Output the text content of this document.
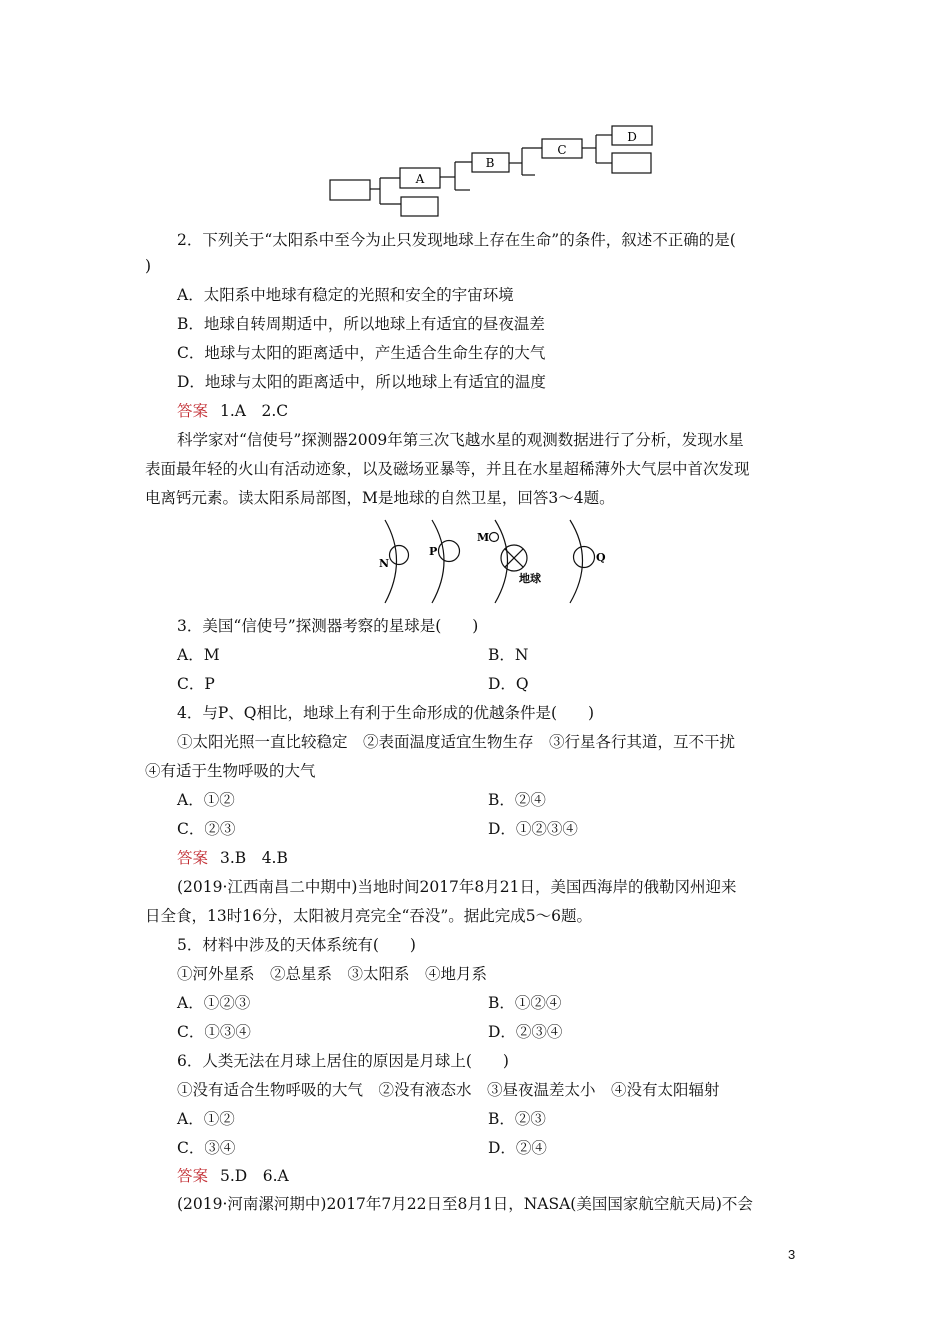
A
B
C
D
2．下列关于“太阳系中至今为止只发现地球上存在生命”的条件，叙述不正确的是(
)
A．太阳系中地球有稳定的光照和安全的宇宙环境
B．地球自转周期适中，所以地球上有适宜的昼夜温差
C．地球与太阳的距离适中，产生适合生命生存的大气
D．地球与太阳的距离适中，所以地球上有适宜的温度
答案 1.A　2.C
科学家对“信使号”探测器2009年第三次飞越水星的观测数据进行了分析，发现水星
表面最年轻的火山有活动迹象，以及磁场亚暴等，并且在水星超稀薄外大气层中首次发现
电离钙元素。读太阳系局部图，M是地球的自然卫星，回答3～4题。
N
P
M
地球
Q
3．美国“信使号”探测器考察的星球是(　　)
A．M	B．N
C．P	D．Q
4．与P、Q相比，地球上有利于生命形成的优越条件是(　　)
①太阳光照一直比较稳定　②表面温度适宜生物生存　③行星各行其道，互不干扰
④有适于生物呼吸的大气
A．①②	B．②④
C．②③	D．①②③④
答案 3.B　4.B
(2019·江西南昌二中期中)当地时间2017年8月21日，美国西海岸的俄勒冈州迎来
日全食，13时16分，太阳被月亮完全“吞没”。据此完成5～6题。
5．材料中涉及的天体系统有(　　)
①河外星系　②总星系　③太阳系　④地月系
A．①②③	B．①②④
C．①③④	D．②③④
6．人类无法在月球上居住的原因是月球上(　　)
①没有适合生物呼吸的大气　②没有液态水　③昼夜温差太小　④没有太阳辐射
A．①②	B．②③
C．③④	D．②④
答案 5.D　6.A
(2019·河南漯河期中)2017年7月22日至8月1日，NASA(美国国家航空航天局)不会
3
